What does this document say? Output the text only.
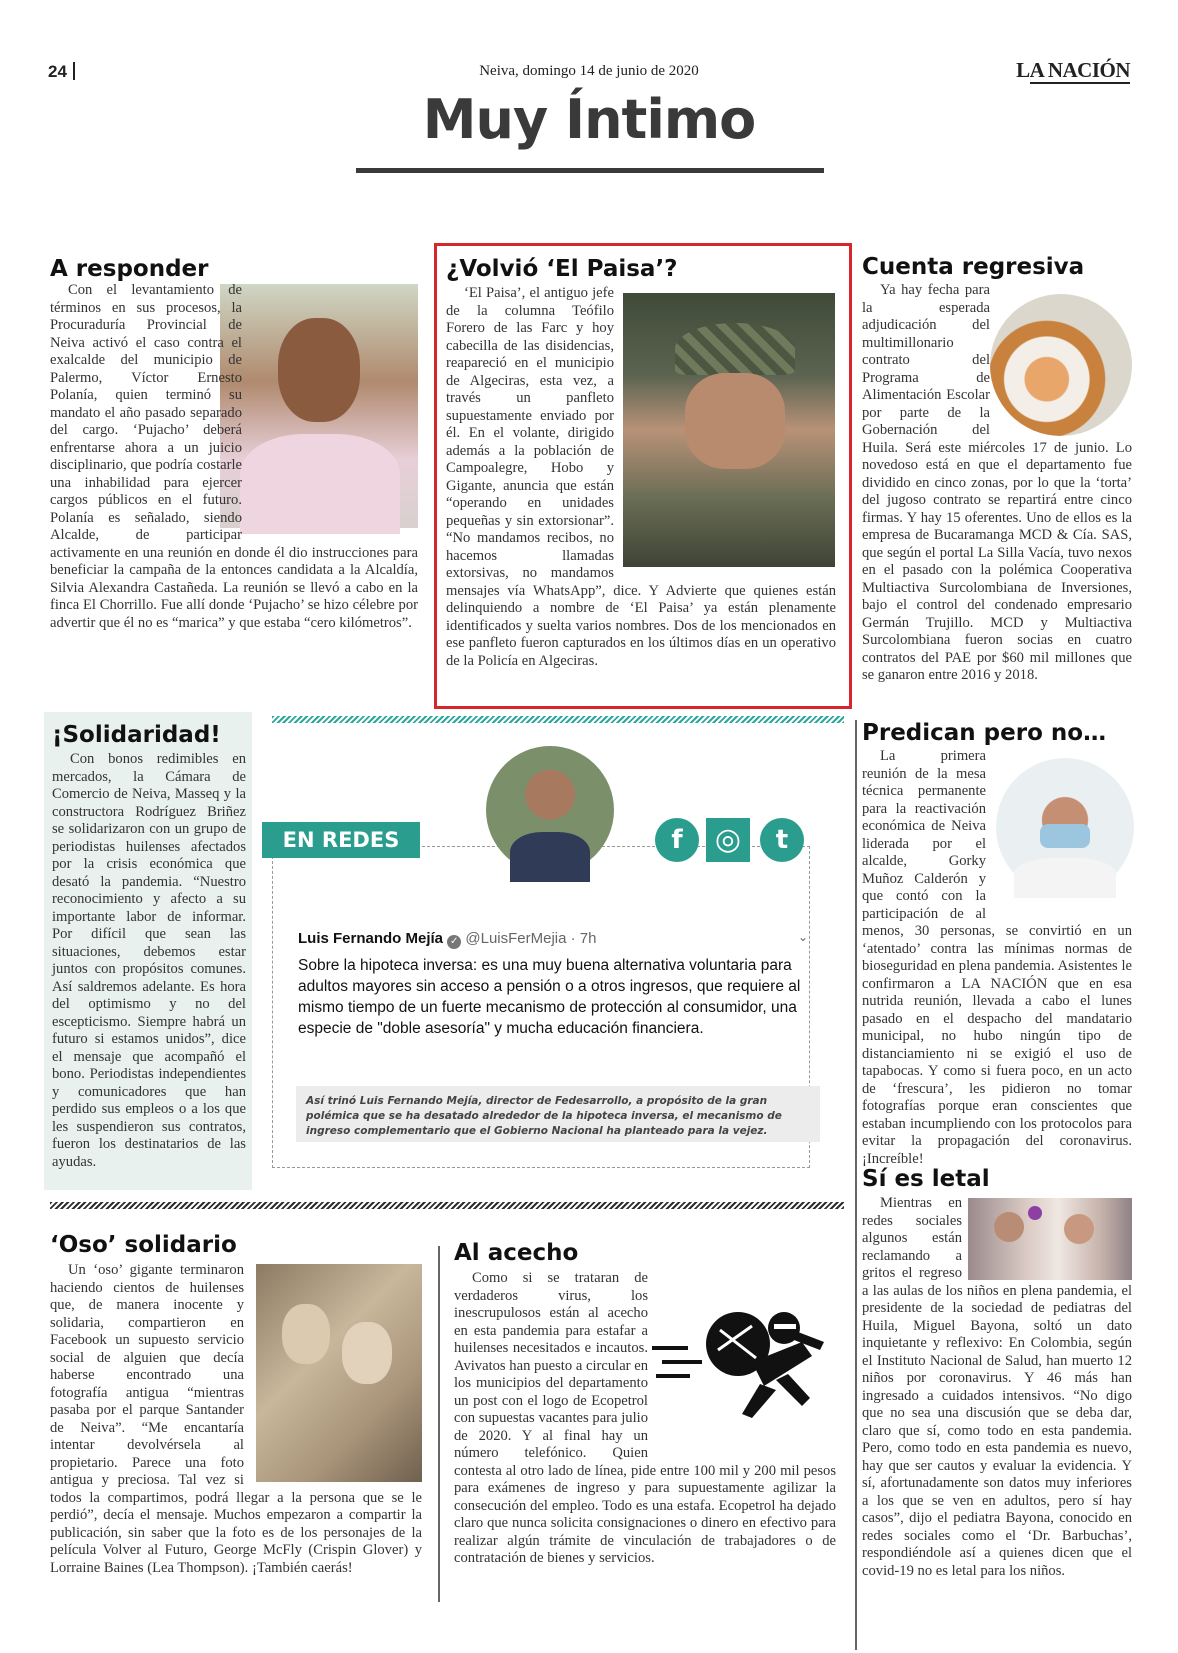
24	Neiva, domingo 14 de junio de 2020	LA NACIÓN
Muy Íntimo
A responder

Con el levantamiento de términos en sus procesos, la Procuraduría Provincial de Neiva activó el caso contra el exalcalde del municipio de Palermo, Víctor Ernesto Polanía, quien terminó su mandato el año pasado separado del cargo. ‘Pujacho’ deberá enfrentarse ahora a un juicio disciplinario, que podría costarle una inhabilidad para ejercer cargos públicos en el futuro. Polanía es señalado, siendo Alcalde, de participar activamente en una reunión en donde él dio instrucciones para beneficiar la campaña de la entonces candidata a la Alcaldía, Silvia Alexandra Castañeda. La reunión se llevó a cabo en la finca El Chorrillo. Fue allí donde ‘Pujacho’ se hizo célebre por advertir que él no es “marica” y que estaba “cero kilómetros”.

¿Volvió ‘El Paisa’?

‘El Paisa’, el antiguo jefe de la columna Teófilo Forero de las Farc y hoy cabecilla de las disidencias, reapareció en el municipio de Algeciras, esta vez, a través un panfleto supuestamente enviado por él. En el volante, dirigido además a la población de Campoalegre, Hobo y Gigante, anuncia que están “operando en unidades pequeñas y sin extorsionar”. “No mandamos recibos, no hacemos llamadas extorsivas, no mandamos mensajes vía WhatsApp”, dice. Y Advierte que quienes están delinquiendo a nombre de ‘El Paisa’ ya están plenamente identificados y suelta varios nombres. Dos de los mencionados en ese panfleto fueron capturados en los últimos días en un operativo de la Policía en Algeciras.

Cuenta regresiva

Ya hay fecha para la esperada adjudicación del multimillonario contrato del Programa de Alimentación Escolar por parte de la Gobernación del Huila. Será este miércoles 17 de junio. Lo novedoso está en que el departamento fue dividido en cinco zonas, por lo que la ‘torta’ del jugoso contrato se repartirá entre cinco firmas. Y hay 15 oferentes. Uno de ellos es la empresa de Bucaramanga MCD & Cía. SAS, que según el portal La Silla Vacía, tuvo nexos en el pasado con la polémica Cooperativa Multiactiva Surcolombiana de Inversiones, bajo el control del condenado empresario Germán Trujillo. MCD y Multiactiva Surcolombiana fueron socias en cuatro contratos del PAE por $60 mil millones que se ganaron entre 2016 y 2018.

¡Solidaridad!

Con bonos redimibles en mercados, la Cámara de Comercio de Neiva, Masseq y la constructora Rodríguez Briñez se solidarizaron con un grupo de periodistas huilenses afectados por la crisis económica que desató la pandemia. “Nuestro reconocimiento y afecto a su importante labor de informar. Por difícil que sean las situaciones, debemos estar juntos con propósitos comunes. Así saldremos adelante. Es hora del optimismo y no del escepticismo. Siempre habrá un futuro si estamos unidos”, dice el mensaje que acompañó el bono. Periodistas independientes y comunicadores que han perdido sus empleos o a los que les suspendieron sus contratos, fueron los destinatarios de las ayudas.

EN REDES	f	◎	t
Luis Fernando Mejía ✓ @LuisFerMejia · 7h	⌄
Sobre la hipoteca inversa: es una muy buena alternativa voluntaria para adultos mayores sin acceso a pensión o a otros ingresos, que requiere al mismo tiempo de un fuerte mecanismo de protección al consumidor, una especie de "doble asesoría" y mucha educación financiera.
Así trinó Luis Fernando Mejía, director de Fedesarrollo, a propósito de la gran polémica que se ha desatado alrededor de la hipoteca inversa, el mecanismo de ingreso complementario que el Gobierno Nacional ha planteado para la vejez.
Predican pero no…

La primera reunión de la mesa técnica permanente para la reactivación económica de Neiva liderada por el alcalde, Gorky Muñoz Calderón y que contó con la participación de al menos, 30 personas, se convirtió en un ‘atentado’ contra las mínimas normas de bioseguridad en plena pandemia. Asistentes le confirmaron a LA NACIÓN que en esa nutrida reunión, llevada a cabo el lunes pasado en el despacho del mandatario municipal, no hubo ningún tipo de distanciamiento ni se exigió el uso de tapabocas. Y como si fuera poco, en un acto de ‘frescura’, les pidieron no tomar fotografías porque eran conscientes que estaban incumpliendo con los protocolos para evitar la propagación del coronavirus. ¡Increíble!

Sí es letal

Mientras en redes sociales algunos están reclamando a gritos el regreso a las aulas de los niños en plena pandemia, el presidente de la sociedad de pediatras del Huila, Miguel Bayona, soltó un dato inquietante y reflexivo: En Colombia, según el Instituto Nacional de Salud, han muerto 12 niños por coronavirus. Y 46 más han ingresado a cuidados intensivos. “No digo que no sea una discusión que se deba dar, claro que sí, como todo en esta pandemia. Pero, como todo en esta pandemia es nuevo, hay que ser cautos y evaluar la evidencia. Y sí, afortunadamente son datos muy inferiores a los que se ven en adultos, pero sí hay casos”, dijo el pediatra Bayona, conocido en redes sociales como el ‘Dr. Barbuchas’, respondiéndole así a quienes dicen que el covid-19 no es letal para los niños.

‘Oso’ solidario

Un ‘oso’ gigante terminaron haciendo cientos de huilenses que, de manera inocente y solidaria, compartieron en Facebook un supuesto servicio social de alguien que decía haberse encontrado una fotografía antigua “mientras pasaba por el parque Santander de Neiva”. “Me encantaría intentar devolvérsela al propietario. Parece una foto antigua y preciosa. Tal vez si todos la compartimos, podrá llegar a la persona que se le perdió”, decía el mensaje. Muchos empezaron a compartir la publicación, sin saber que la foto es de los personajes de la película Volver al Futuro, George McFly (Crispin Glover) y Lorraine Baines (Lea Thompson). ¡También caerás!

Al acecho

Como si se trataran de verdaderos virus, los inescrupulosos están al acecho en esta pandemia para estafar a huilenses necesitados e incautos. Avivatos han puesto a circular en los municipios del departamento un post con el logo de Ecopetrol con supuestas vacantes para julio de 2020. Y al final hay un número telefónico. Quien contesta al otro lado de línea, pide entre 100 mil y 200 mil pesos para exámenes de ingreso y para supuestamente agilizar la consecución del empleo. Todo es una estafa. Ecopetrol ha dejado claro que nunca solicita consignaciones o dinero en efectivo para realizar algún trámite de vinculación de trabajadores o de contratación de bienes y servicios.
